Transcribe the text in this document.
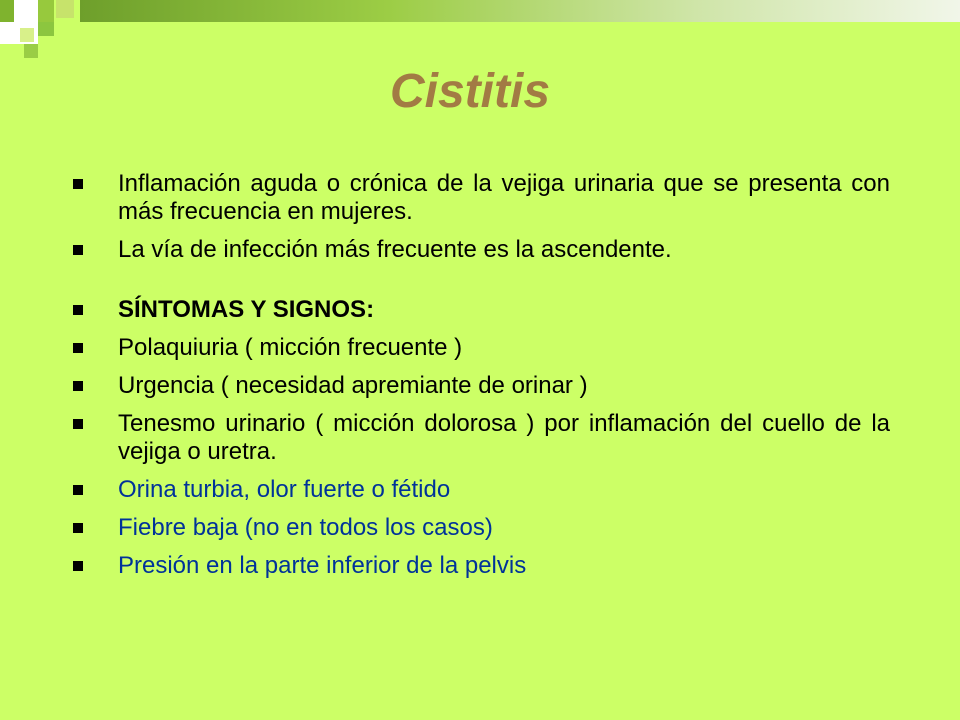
Cistitis
Inflamación aguda o crónica de la vejiga urinaria que se presenta con más frecuencia en mujeres.
La vía de infección más frecuente es la ascendente.
SÍNTOMAS Y SIGNOS:
Polaquiuria ( micción frecuente )
Urgencia ( necesidad apremiante de orinar )
Tenesmo urinario ( micción dolorosa ) por inflamación del cuello de la vejiga o uretra.
Orina turbia, olor fuerte o fétido
Fiebre baja (no en todos los casos)
Presión en la parte inferior de la pelvis
